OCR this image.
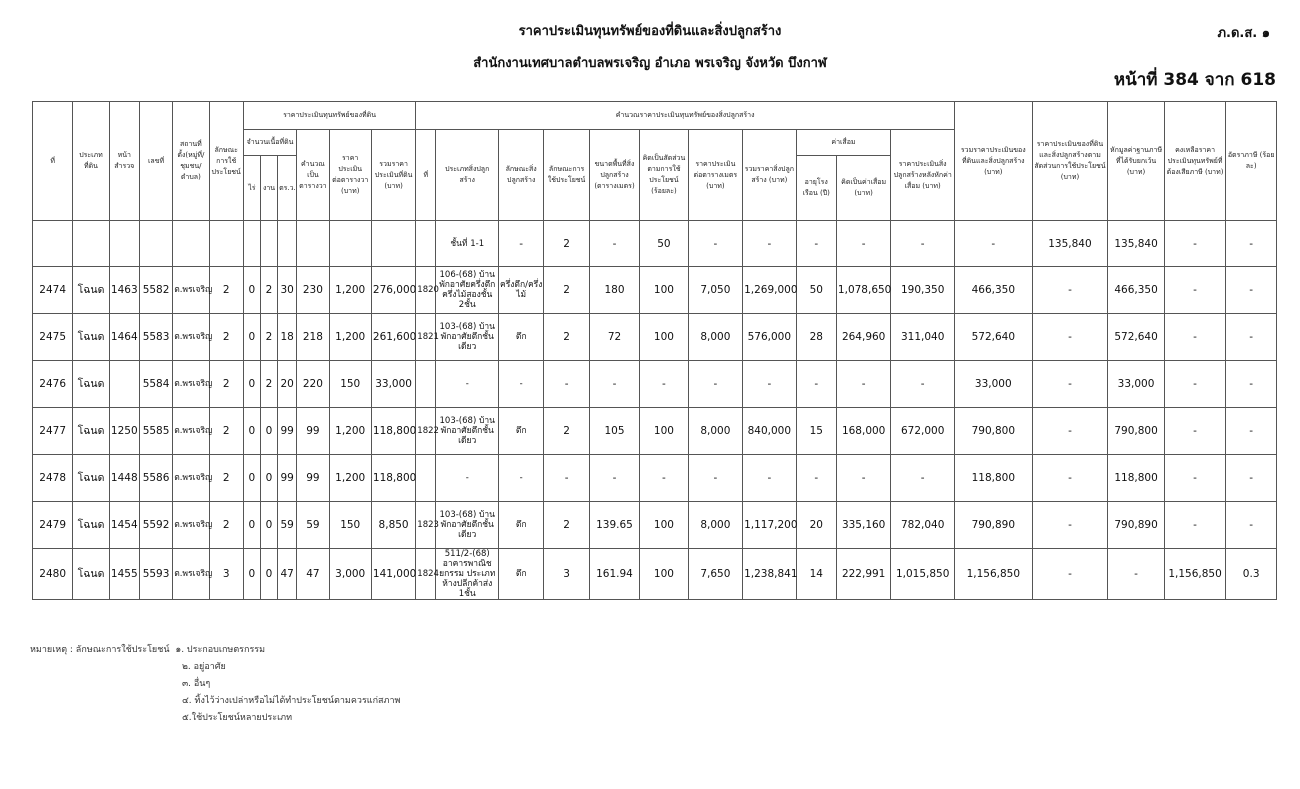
ราคาประเมินทุนทรัพย์ของที่ดินและสิ่งปลูกสร้าง
สำนักงานเทศบาลตำบลพรเจริญ อำเภอ พรเจริญ จังหวัด บึงกาฬ
ภ.ด.ส. ๑
หน้าที่ 384 จาก 618
ที่	ประเภทที่ดิน	หน้าสำรวจ	เลขที่	สถานที่ตั้ง(หมู่ที่/ชุมชน/ตำบล)	ลักษณะการใช้ประโยชน์	ราคาประเมินทุนทรัพย์ของที่ดิน						คำนวณราคาประเมินทุนทรัพย์ของสิ่งปลูกสร้าง											รวมราคาประเมินของที่ดินและสิ่งปลูกสร้าง (บาท)	ราคาประเมินของที่ดินและสิ่งปลูกสร้างตามสัดส่วนการใช้ประโยชน์ (บาท)	หักมูลค่าฐานภาษีที่ได้รับยกเว้น (บาท)	คงเหลือราคาประเมินทุนทรัพย์ที่ต้องเสียภาษี (บาท)	อัตราภาษี (ร้อยละ)
						จำนวนเนื้อที่ดิน			คำนวณเป็นตารางวา	ราคาประเมินต่อตารางวา (บาท)	รวมราคาประเมินที่ดิน (บาท)	ที่	ประเภทสิ่งปลูกสร้าง	ลักษณะสิ่งปลูกสร้าง	ลักษณะการใช้ประโยชน์	ขนาดพื้นที่สิ่งปลูกสร้าง (ตารางเมตร)	คิดเป็นสัดส่วนตามการใช้ประโยชน์ (ร้อยละ)	ราคาประเมินต่อตารางเมตร (บาท)	รวมราคาสิ่งปลูกสร้าง (บาท)	ค่าเสื่อม		ราคาประเมินสิ่งปลูกสร้างหลังหักค่าเสื่อม (บาท)					
						ไร่	งาน	ตร.ว.												อายุโรงเรือน (ปี)	คิดเป็นค่าเสื่อม (บาท)						
													ชั้นที่ 1-1	-	2	-	50	-	-	-	-	-	-	135,840	135,840	-	-
2474	โฉนด	1463	5582	ต.พรเจริญ	2	0	2	30	230	1,200	276,000	1820	106-(68) บ้านพักอาศัยครึ่งตึกครึ่งไม้สองชั้น 2ชั้น	ครึ่งตึก/ครึ่งไม้	2	180	100	7,050	1,269,000	50	1,078,650	190,350	466,350	-	466,350	-	-
2475	โฉนด	1464	5583	ต.พรเจริญ	2	0	2	18	218	1,200	261,600	1821	103-(68) บ้านพักอาศัยตึกชั้นเดียว	ตึก	2	72	100	8,000	576,000	28	264,960	311,040	572,640	-	572,640	-	-
2476	โฉนด		5584	ต.พรเจริญ	2	0	2	20	220	150	33,000		-	-	-	-	-	-	-	-	-	-	33,000	-	33,000	-	-
2477	โฉนด	1250	5585	ต.พรเจริญ	2	0	0	99	99	1,200	118,800	1822	103-(68) บ้านพักอาศัยตึกชั้นเดียว	ตึก	2	105	100	8,000	840,000	15	168,000	672,000	790,800	-	790,800	-	-
2478	โฉนด	1448	5586	ต.พรเจริญ	2	0	0	99	99	1,200	118,800		-	-	-	-	-	-	-	-	-	-	118,800	-	118,800	-	-
2479	โฉนด	1454	5592	ต.พรเจริญ	2	0	0	59	59	150	8,850	1823	103-(68) บ้านพักอาศัยตึกชั้นเดียว	ตึก	2	139.65	100	8,000	1,117,200	20	335,160	782,040	790,890	-	790,890	-	-
2480	โฉนด	1455	5593	ต.พรเจริญ	3	0	0	47	47	3,000	141,000	1824	511/2-(68) อาคารพาณิชยกรรม ประเภทห้างปลีกค้าส่ง 1ชั้น	ตึก	3	161.94	100	7,650	1,238,841	14	222,991	1,015,850	1,156,850	-	-	1,156,850	0.3
หมายเหตุ : ลักษณะการใช้ประโยชน์ ๑. ประกอบเกษตรกรรม
๒. อยู่อาศัย
๓. อื่นๆ
๔. ทิ้งไว้ว่างเปล่าหรือไม่ได้ทำประโยชน์ตามควรแก่สภาพ
๕.ใช้ประโยชน์หลายประเภท
